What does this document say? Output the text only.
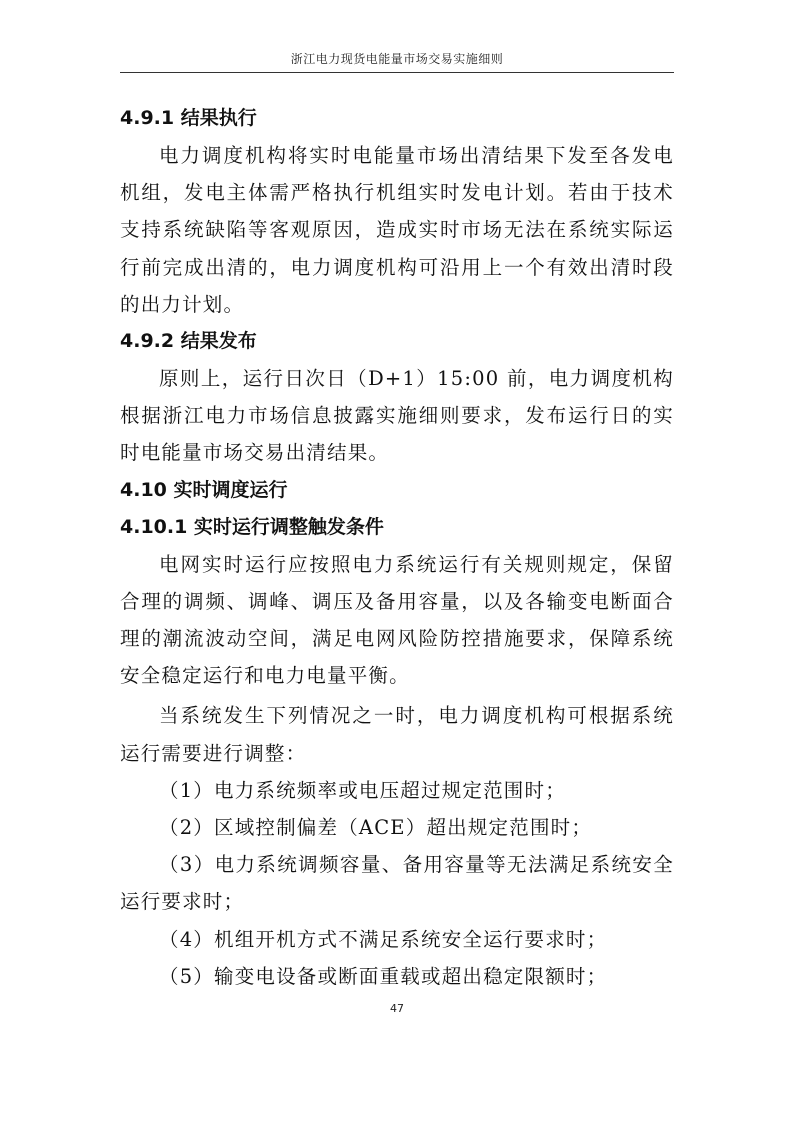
浙江电力现货电能量市场交易实施细则
4.9.1 结果执行

电力调度机构将实时电能量市场出清结果下发至各发电机组，发电主体需严格执行机组实时发电计划。若由于技术支持系统缺陷等客观原因，造成实时市场无法在系统实际运行前完成出清的，电力调度机构可沿用上一个有效出清时段的出力计划。

4.9.2 结果发布

原则上，运行日次日（D+1）15:00 前，电力调度机构根据浙江电力市场信息披露实施细则要求，发布运行日的实时电能量市场交易出清结果。

4.10 实时调度运行
4.10.1 实时运行调整触发条件

电网实时运行应按照电力系统运行有关规则规定，保留合理的调频、调峰、调压及备用容量，以及各输变电断面合理的潮流波动空间，满足电网风险防控措施要求，保障系统安全稳定运行和电力电量平衡。

当系统发生下列情况之一时，电力调度机构可根据系统运行需要进行调整：

（1）电力系统频率或电压超过规定范围时；

（2）区域控制偏差（ACE）超出规定范围时；

（3）电力系统调频容量、备用容量等无法满足系统安全运行要求时；

（4）机组开机方式不满足系统安全运行要求时；

（5）输变电设备或断面重载或超出稳定限额时；

47
